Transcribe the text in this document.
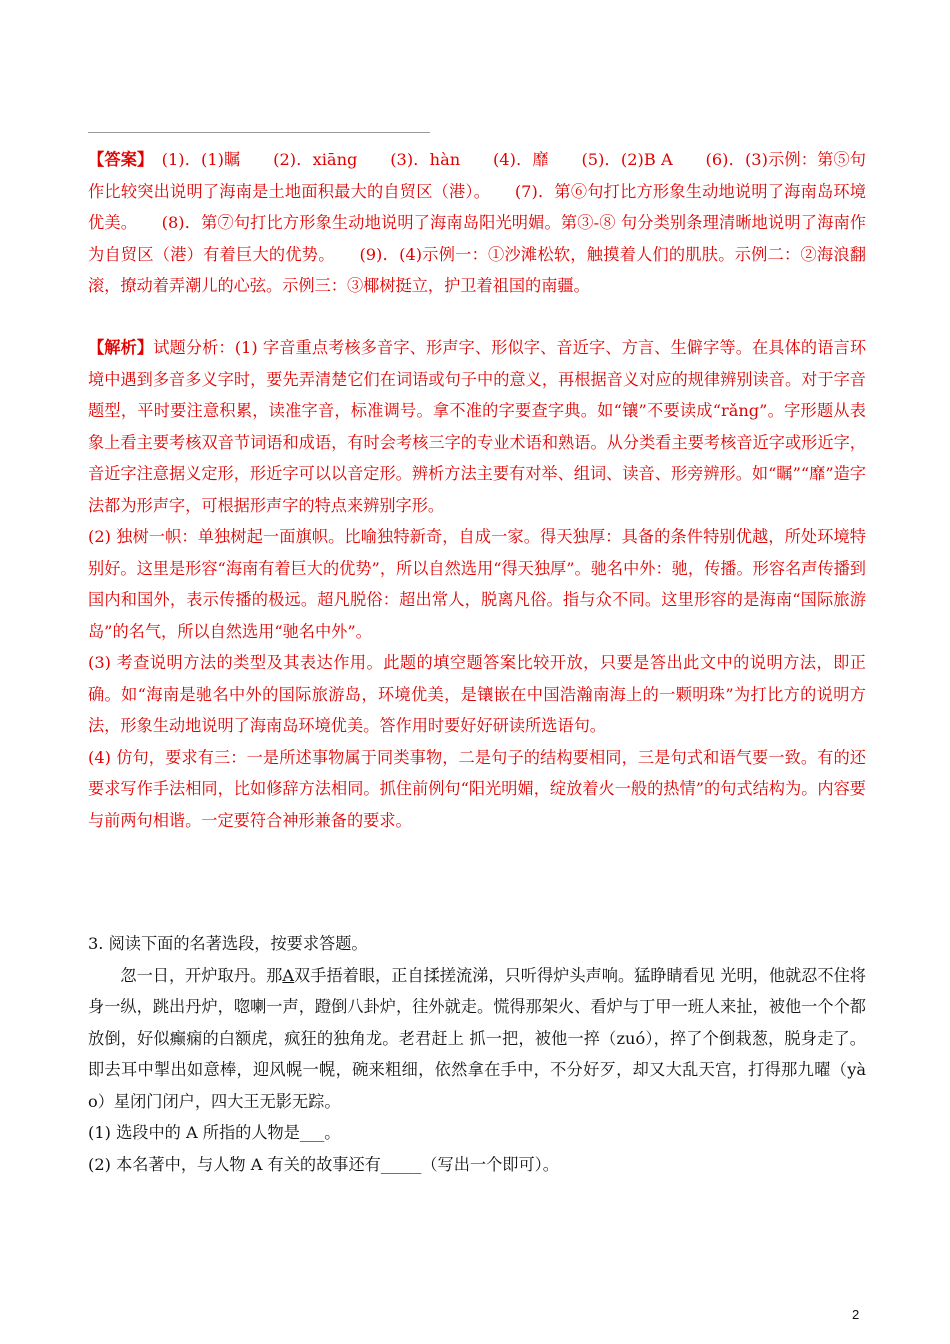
【答案】　(1)．(1)瞩　　(2)．xiāng　　(3)．hàn　　(4)．靡　　(5)．(2)B A　　(6)．(3)示例：第⑤句作比较突出说明了海南是土地面积最大的自贸区（港）。　　(7)．第⑥句打比方形象生动地说明了海南岛环境优美。　　(8)．第⑦句打比方形象生动地说明了海南岛阳光明媚。第③-⑧ 句分类别条理清晰地说明了海南作为自贸区（港）有着巨大的优势。　　(9)．(4)示例一：①沙滩松软，触摸着人们的肌肤。示例二：②海浪翻滚，撩动着弄潮儿的心弦。示例三：③椰树挺立，护卫着祖国的南疆。

【解析】试题分析：(1) 字音重点考核多音字、形声字、形似字、音近字、方言、生僻字等。在具体的语言环境中遇到多音多义字时，要先弄清楚它们在词语或句子中的意义，再根据音义对应的规律辨别读音。对于字音题型，平时要注意积累，读准字音，标准调号。拿不准的字要查字典。如“镶”不要读成“rǎng”。字形题从表象上看主要考核双音节词语和成语，有时会考核三字的专业术语和熟语。从分类看主要考核音近字或形近字，音近字注意据义定形，形近字可以以音定形。辨析方法主要有对举、组词、读音、形旁辨形。如“瞩”“靡”造字法都为形声字，可根据形声字的特点来辨别字形。

(2) 独树一帜：单独树起一面旗帜。比喻独特新奇，自成一家。得天独厚：具备的条件特别优越，所处环境特别好。这里是形容“海南有着巨大的优势”，所以自然选用“得天独厚”。驰名中外：驰，传播。形容名声传播到国内和国外，表示传播的极远。超凡脱俗：超出常人，脱离凡俗。指与众不同。这里形容的是海南“国际旅游岛”的名气，所以自然选用“驰名中外”。

(3) 考查说明方法的类型及其表达作用。此题的填空题答案比较开放，只要是答出此文中的说明方法，即正确。如“海南是驰名中外的国际旅游岛，环境优美，是镶嵌在中国浩瀚南海上的一颗明珠”为打比方的说明方法，形象生动地说明了海南岛环境优美。答作用时要好好研读所选语句。

(4) 仿句，要求有三：一是所述事物属于同类事物，二是句子的结构要相同，三是句式和语气要一致。有的还要求写作手法相同，比如修辞方法相同。抓住前例句“阳光明媚，绽放着火一般的热情”的句式结构为。内容要与前两句相谐。一定要符合神形兼备的要求。

3. 阅读下面的名著选段，按要求答题。

忽一日，开炉取丹。那A双手捂着眼，正自揉搓流涕，只听得炉头声响。猛睁睛看见 光明，他就忍不住将身一纵，跳出丹炉，唿喇一声，蹬倒八卦炉，往外就走。慌得那架火、看炉与丁甲一班人来扯，被他一个个都放倒，好似癫痫的白额虎，疯狂的独角龙。老君赶上 抓一把，被他一捽（zuó），捽了个倒栽葱，脱身走了。即去耳中掣出如意棒，迎风幌一幌，碗来粗细，依然拿在手中，不分好歹，却又大乱天宫，打得那九曜（yào）星闭门闭户，四大王无影无踪。

(1) 选段中的 A 所指的人物是___。

(2) 本名著中，与人物 A 有关的故事还有_____（写出一个即可）。

2
